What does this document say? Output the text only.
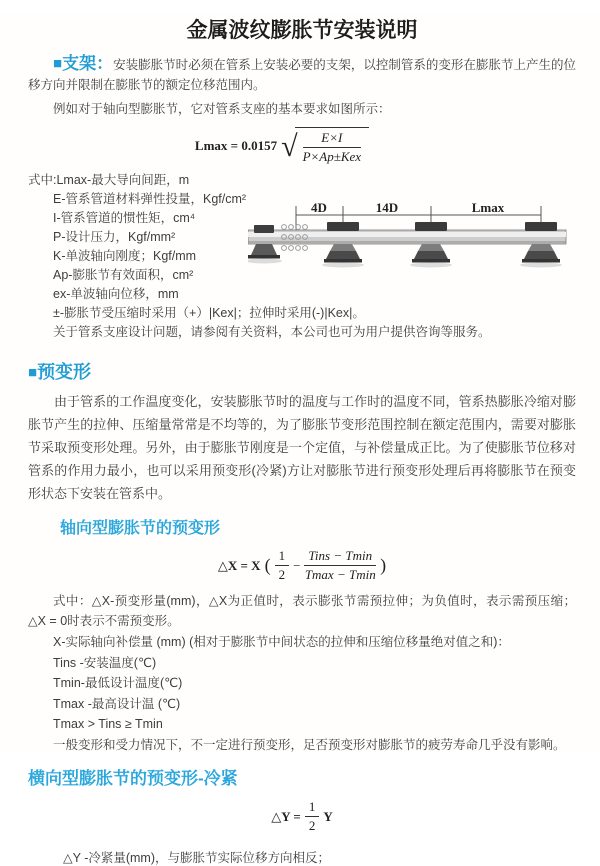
金属波纹膨胀节安装说明

■支架：安装膨胀节时必须在管系上安装必要的支架，以控制管系的变形在膨胀节上产生的位移方向并限制在膨胀节的额定位移范围内。

例如对于轴向型膨胀节，它对管系支座的基本要求如图所示：

Lmax = 0.0157 √ $\frac{E\times I}{\text{P×Ap±Kex}}$
式中:Lmax-最大导向间距，m
E-管系管道材料弹性投量，Kgf/cm²
I-管系管道的惯性矩，cm⁴
P-设计压力，Kgf/mm²
K-单波轴向刚度；Kgf/mm
Ap-膨胀节有效面积，cm²
ex-单波轴向位移，mm
±-膨胀节受压缩时采用（+）|Kex|；拉伸时采用(-)|Kex|。
关于管系支座设计问题，请参阅有关资料，本公司也可为用户提供咨询等服务。
4D	14D	Lmax
■预变形

由于管系的工作温度变化，安装膨胀节时的温度与工作时的温度不同，管系热膨胀冷缩对膨胀节产生的拉伸、压缩量常常是不均等的，为了膨胀节变形范围控制在额定范围内，需要对膨胀节采取预变形处理。另外，由于膨胀节刚度是一个定值，与补偿量成正比。为了使膨胀节位移对管系的作用力最小，也可以采用预变形(冷紧)方让对膨胀节进行预变形处理后再将膨胀节在预变形状态下安装在管系中。

轴向型膨胀节的预变形
△X = X ( $\frac{1}{2} - \frac{\text{Tins − Tmin}}{Tmax - Tmin}$ )

式中：△X-预变形量(mm)，△X为正值时，表示膨张节需预拉伸；为负值时，表示需预压缩；△X = 0时表示不需预变形。

X-实际轴向补偿量 (mm) (相对于膨胀节中间状态的拉伸和压缩位移量绝对值之和)：
Tins -安装温度(℃)
Tmin-最低设计温度(℃)
Tmax -最高设计温 (℃)
Tmax > Tins ≥ Tmin
一般变形和受力情况下，不一定进行预变形，足否预变形对膨胀节的疲劳寿命几乎没有影响。
横向型膨胀节的预变形-冷紧
△Y = $\frac{1}{2}$ Y

△Y -冷紧量(mm)，与膨胀节实际位移方向相反；
